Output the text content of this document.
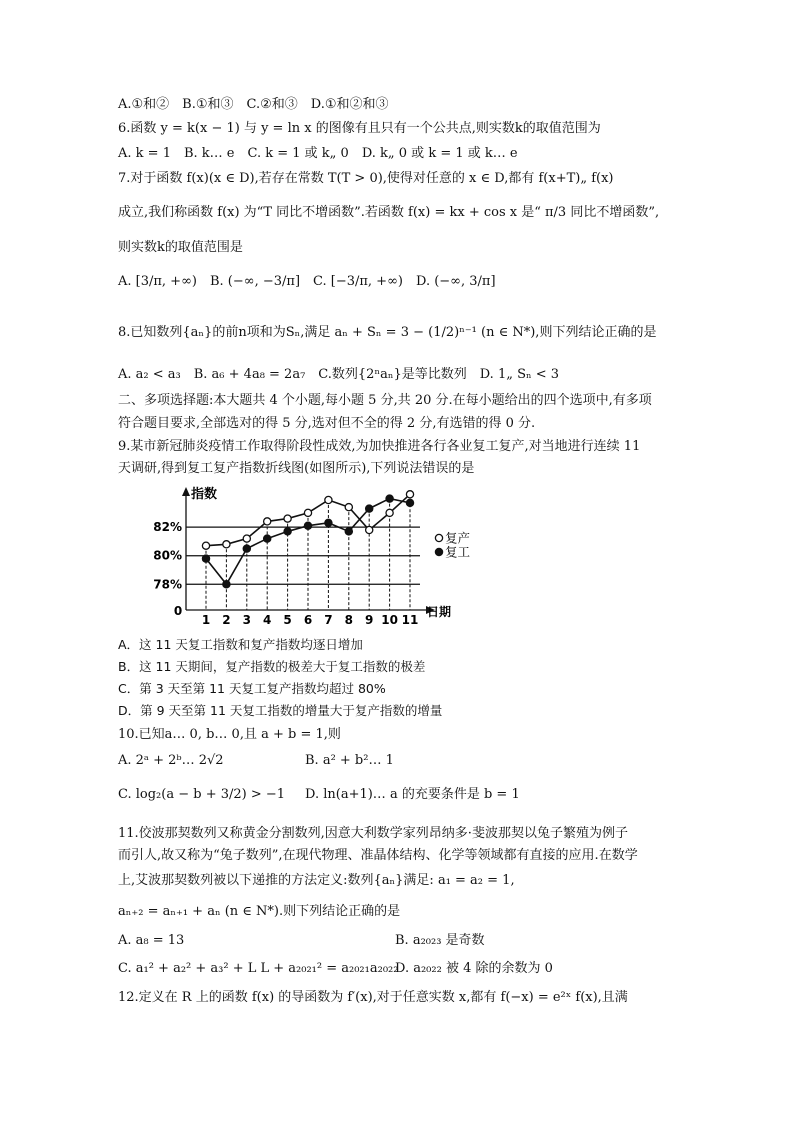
A.①和②　B.①和③　C.②和③　D.①和②和③
6.函数 y = k(x − 1) 与 y = ln x 的图像有且只有一个公共点,则实数k的取值范围为
A. k = 1　B. k… e　C. k = 1 或 k„ 0　D. k„ 0 或 k = 1 或 k… e
7.对于函数 f(x)(x ∈ D),若存在常数 T(T > 0),使得对任意的 x ∈ D,都有 f(x+T)„ f(x)
成立,我们称函数 f(x) 为“T 同比不增函数”.若函数 f(x) = kx + cos x 是“ π/3 同比不增函数”,
则实数k的取值范围是
A. [3/π, +∞)　B. (−∞, −3/π]　C. [−3/π, +∞)　D. (−∞, 3/π]
8.已知数列{aₙ}的前n项和为Sₙ,满足 aₙ + Sₙ = 3 − (1/2)ⁿ⁻¹ (n ∈ N*),则下列结论正确的是
A. a₂ < a₃　B. a₆ + 4a₈ = 2a₇　C.数列{2ⁿaₙ}是等比数列　D. 1„ Sₙ < 3
二、多项选择题:本大题共 4 个小题,每小题 5 分,共 20 分.在每小题给出的四个选项中,有多项
符合题目要求,全部选对的得 5 分,选对但不全的得 2 分,有选错的得 0 分.
9.某市新冠肺炎疫情工作取得阶段性成效,为加快推进各行各业复工复产,对当地进行连续 11
天调研,得到复工复产指数折线图(如图所示),下列说法错误的是
指数
日期
0
82%
80%
78%
1 2 3 4 5 6 7 8 9 10 11
复产
复工
A．这 11 天复工指数和复产指数均逐日增加
B．这 11 天期间，复产指数的极差大于复工指数的极差
C．第 3 天至第 11 天复工复产指数均超过 80%
D．第 9 天至第 11 天复工指数的增量大于复产指数的增量
10.已知a… 0, b… 0,且 a + b = 1,则
A. 2ᵃ + 2ᵇ… 2√2	B. a² + b²… 1
C. log₂(a − b + 3/2) > −1 D. ln(a+1)… a 的充要条件是 b = 1
11.佼波那契数列又称黄金分割数列,因意大利数学家列昂纳多·斐波那契以兔子繁殖为例子
而引人,故又称为“兔子数列”,在现代物理、准晶体结构、化学等领域都有直接的应用.在数学
上,艾波那契数列被以下递推的方法定义:数列{aₙ}满足: a₁ = a₂ = 1,
aₙ₊₂ = aₙ₊₁ + aₙ (n ∈ N*).则下列结论正确的是
A. a₈ = 13	B. a₂₀₂₃ 是奇数
C. a₁² + a₂² + a₃² + L L + a₂₀₂₁² = a₂₀₂₁a₂₀₂₂
D. a₂₀₂₂ 被 4 除的余数为 0
12.定义在 R 上的函数 f(x) 的导函数为 f′(x),对于任意实数 x,都有 f(−x) = e²ˣ f(x),且满
